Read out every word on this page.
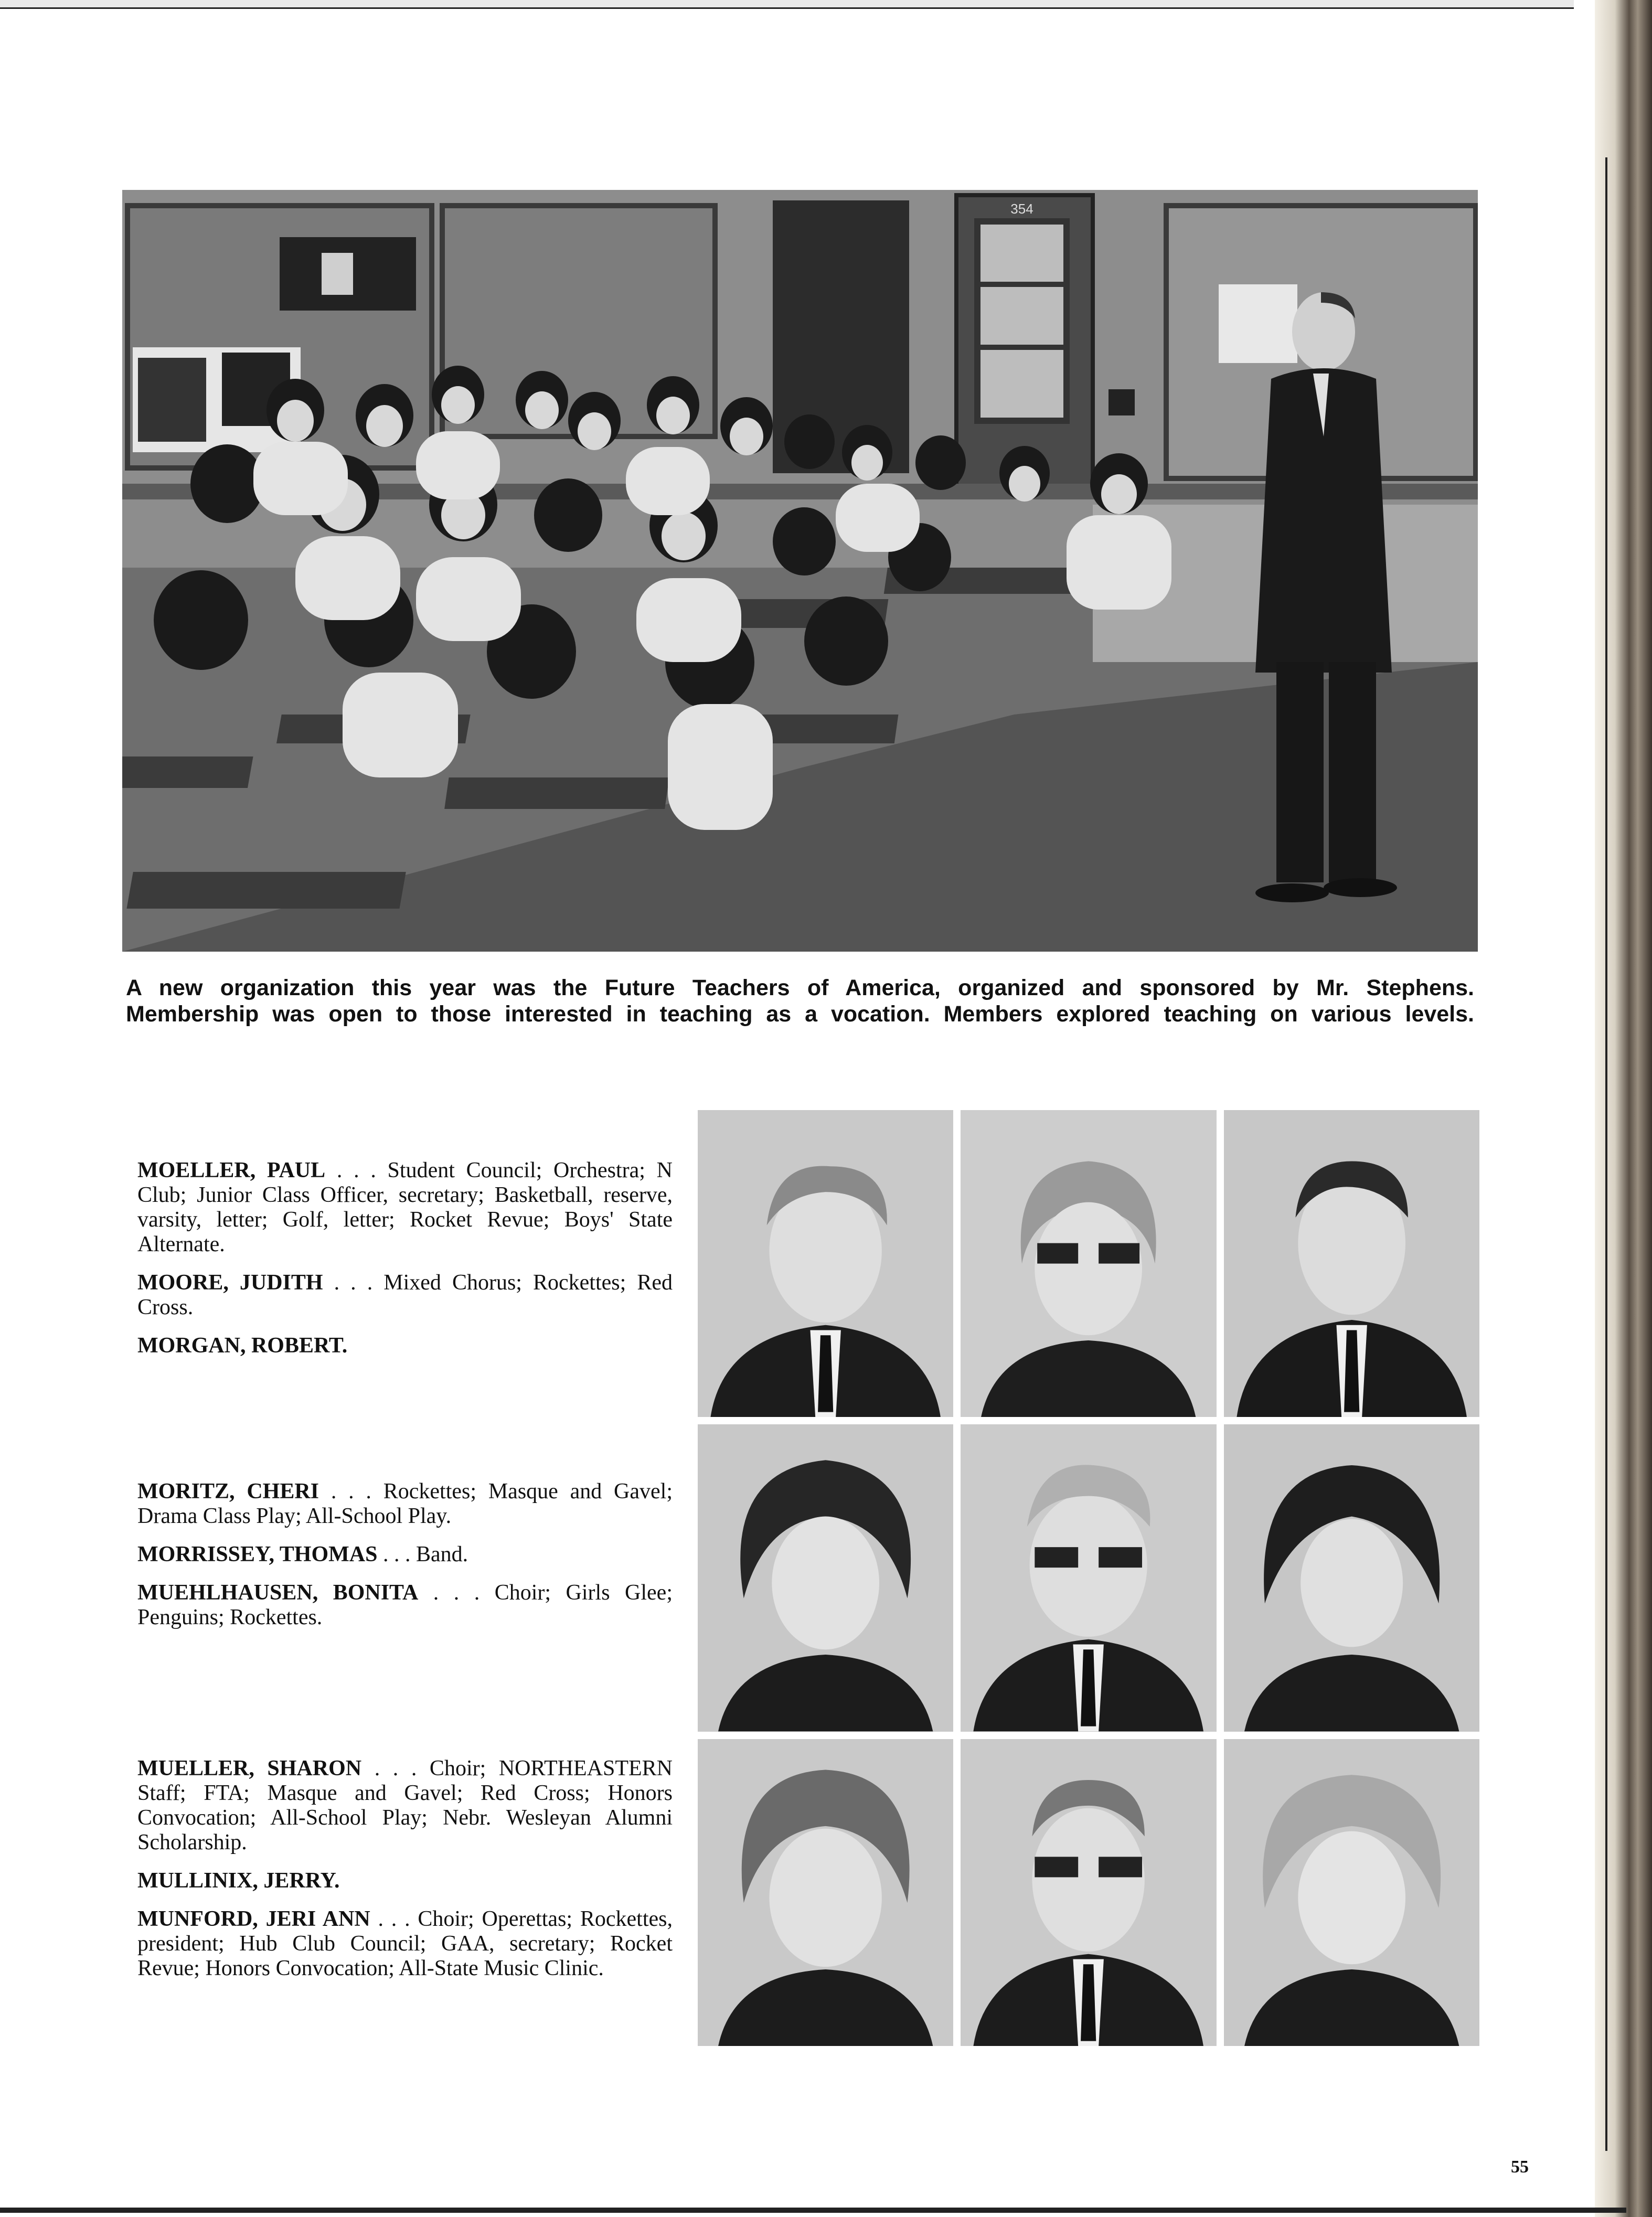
354

A new organization this year was the Future Teachers of America, organized and sponsored by Mr. Stephens.

Membership was open to those interested in teaching as a vocation. Members explored teaching on various levels.

MOELLER, PAUL . . . Student Council; Orchestra; N Club; Junior Class Officer, secretary; Basketball, reserve, varsity, letter; Golf, letter; Rocket Revue; Boys' State Alternate.

MOORE, JUDITH . . . Mixed Chorus; Rockettes; Red Cross.

MORGAN, ROBERT.

MORITZ, CHERI . . . Rockettes; Masque and Gavel; Drama Class Play; All-School Play.

MORRISSEY, THOMAS . . . Band.

MUEHLHAUSEN, BONITA . . . Choir; Girls Glee; Penguins; Rockettes.

MUELLER, SHARON . . . Choir; NORTHEASTERN Staff; FTA; Masque and Gavel; Red Cross; Honors Convocation; All-School Play; Nebr. Wesleyan Alumni Scholarship.

MULLINIX, JERRY.

MUNFORD, JERI ANN . . . Choir; Operettas; Rockettes, president; Hub Club Council; GAA, secretary; Rocket Revue; Honors Convocation; All-State Music Clinic.

55
